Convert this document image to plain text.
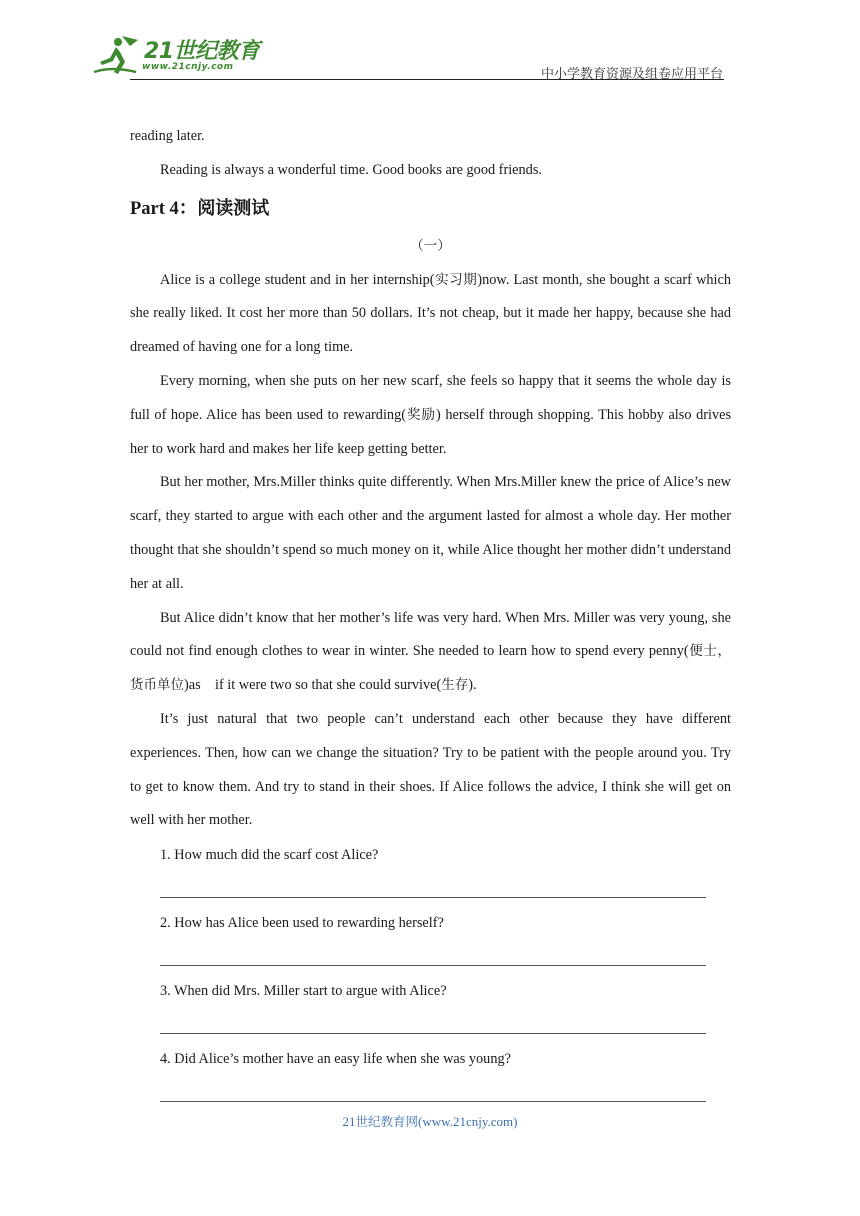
21世纪教育
www.21cnjy.com	中小学教育资源及组卷应用平台

reading later.

Reading is always a wonderful time. Good books are good friends.

Part 4：阅读测试
（一）

Alice is a college student and in her internship(实习期)now. Last month, she bought a scarf which she really liked. It cost her more than 50 dollars. It’s not cheap, but it made her happy, because she had dreamed of having one for a long time.

Every morning, when she puts on her new scarf, she feels so happy that it seems the whole day is full of hope. Alice has been used to rewarding(奖励) herself through shopping. This hobby also drives her to work hard and makes her life keep getting better.

But her mother, Mrs.Miller thinks quite differently. When Mrs.Miller knew the price of Alice’s new scarf, they started to argue with each other and the argument lasted for almost a whole day. Her mother thought that she shouldn’t spend so much money on it, while Alice thought her mother didn’t understand her at all.

But Alice didn’t know that her mother’s life was very hard. When Mrs. Miller was very young, she could not find enough clothes to wear in winter. She needed to learn how to spend every penny(便士，货币单位)as    if it were two so that she could survive(生存).

It’s just natural that two people can’t understand each other because they have different experiences. Then, how can we change the situation? Try to be patient with the people around you. Try to get to know them. And try to stand in their shoes. If Alice follows the advice, I think she will get on well with her mother.

1. How much did the scarf cost Alice?
2. How has Alice been used to rewarding herself?
3. When did Mrs. Miller start to argue with Alice?
4. Did Alice’s mother have an easy life when she was young?
21世纪教育网(www.21cnjy.com)
